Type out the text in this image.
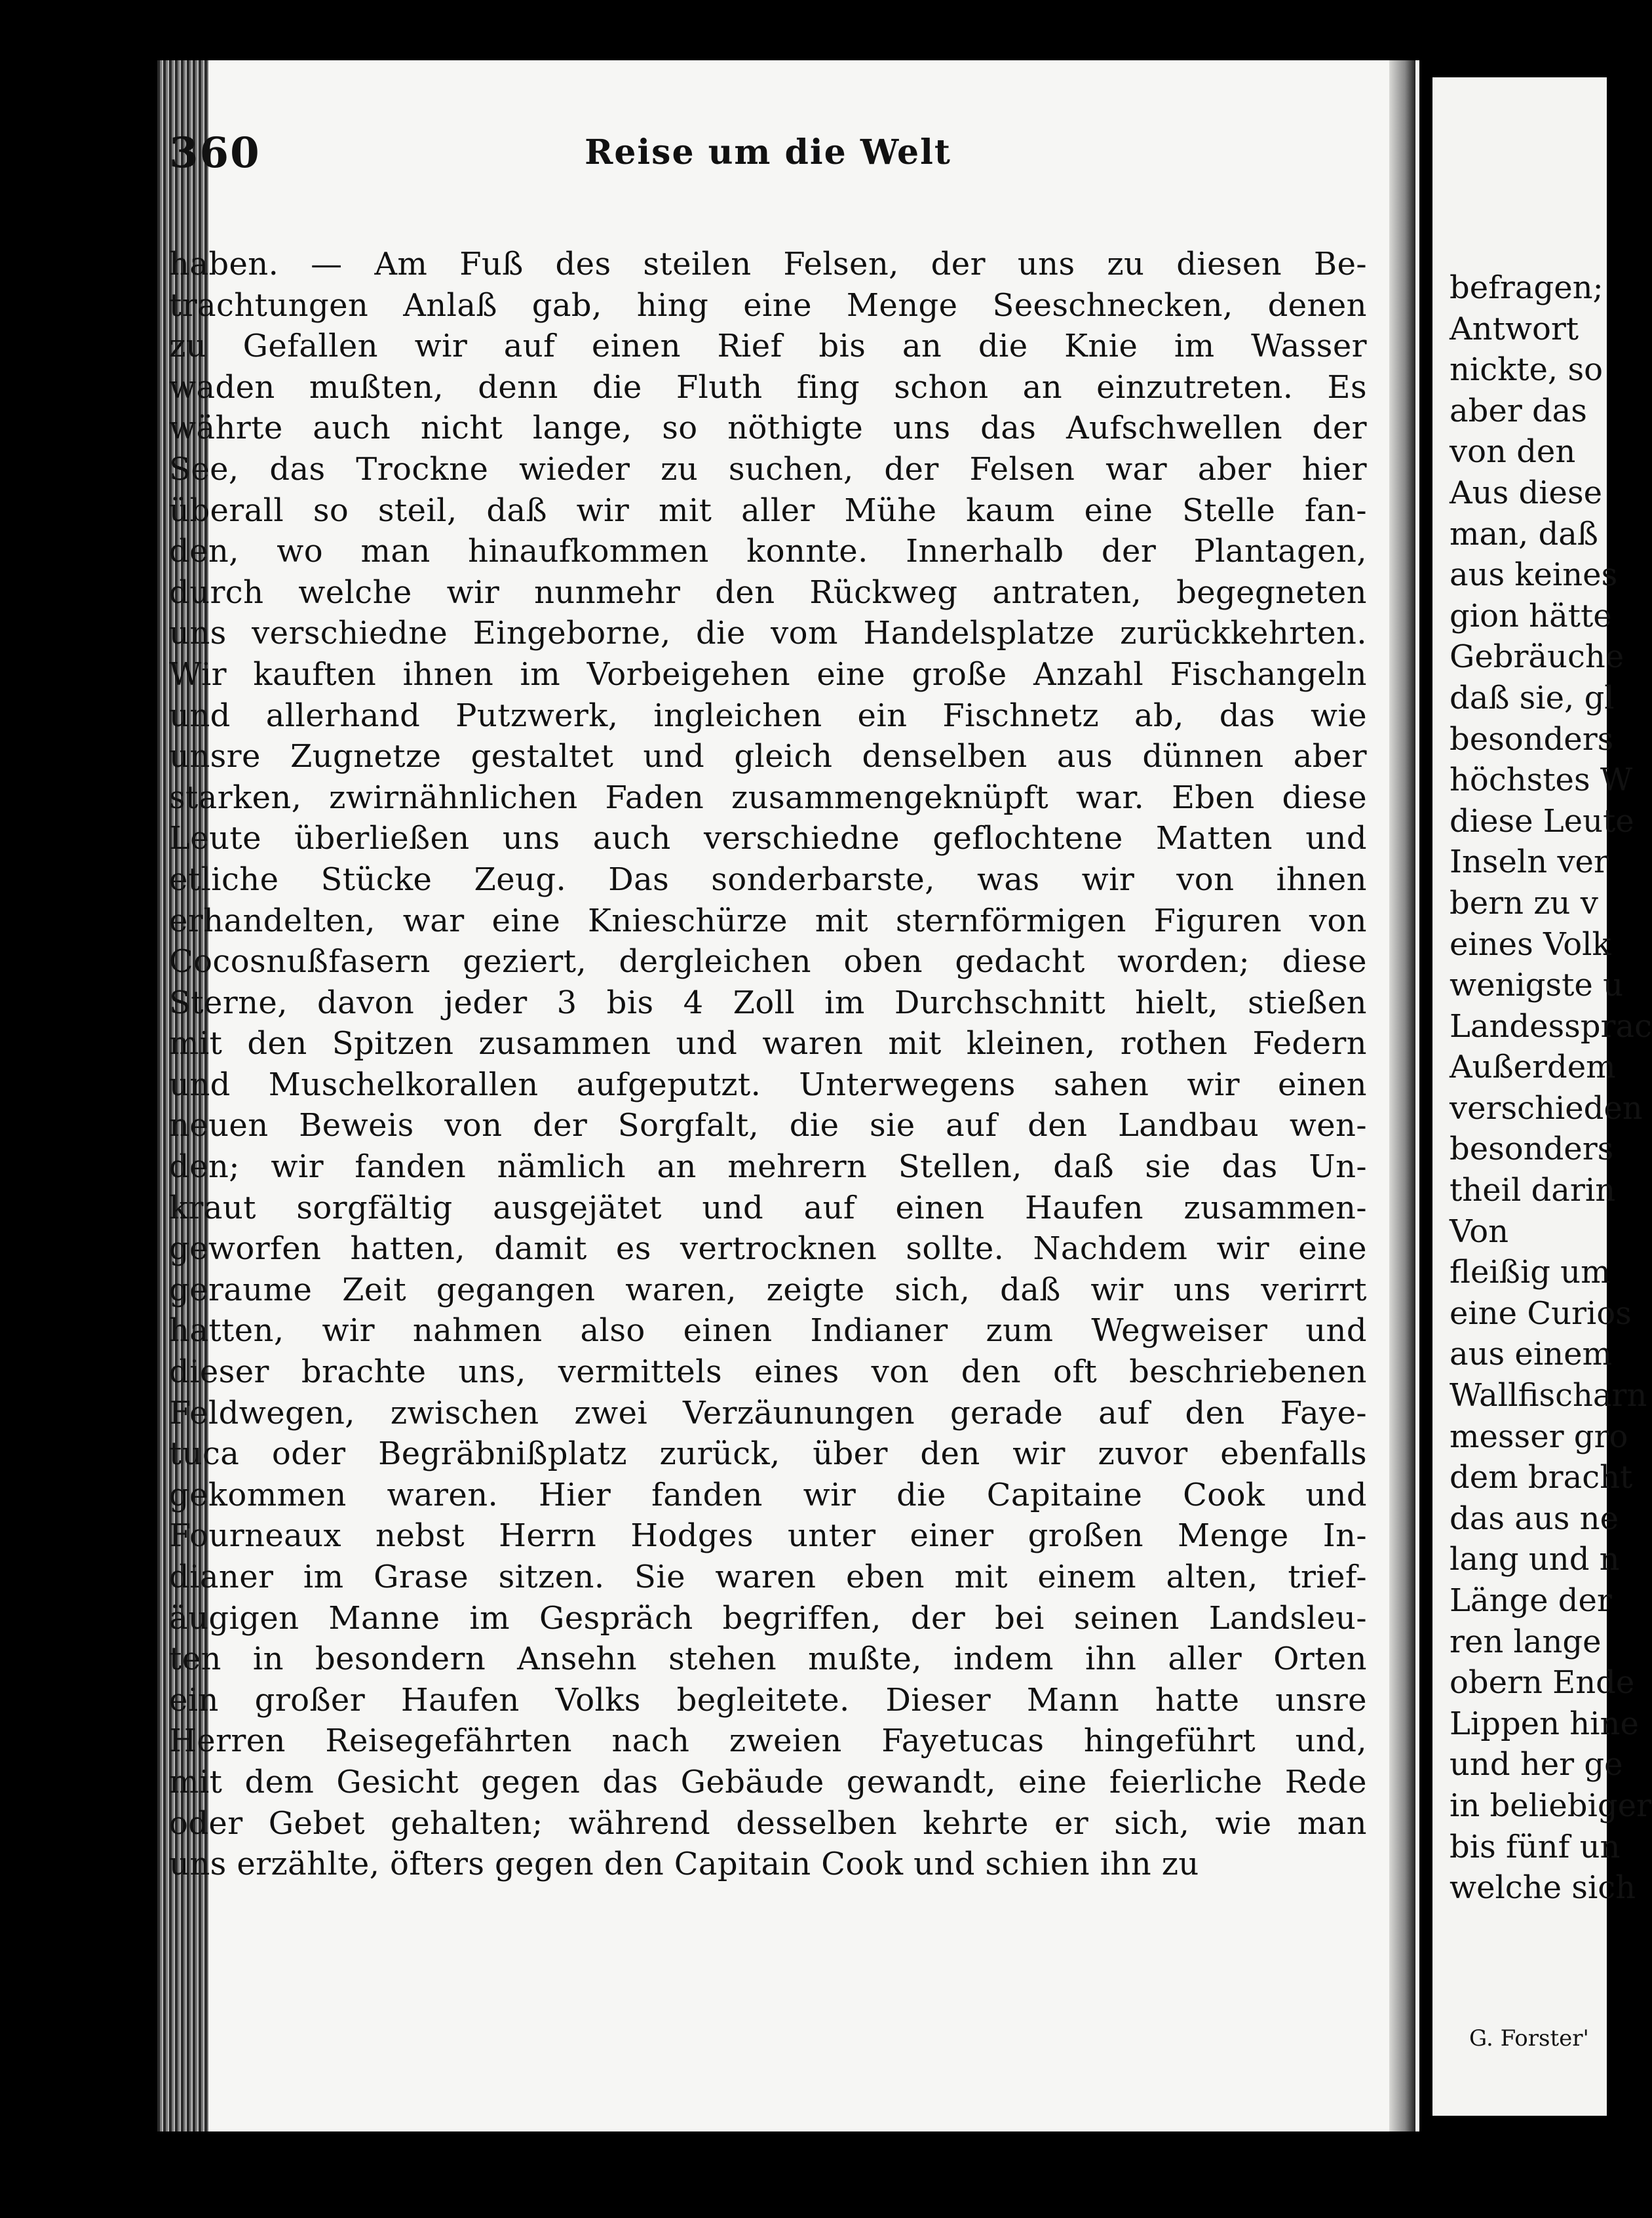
360	Reise um die Welt
haben. — Am Fuß des steilen Felsen, der uns zu diesen Be-
trachtungen Anlaß gab, hing eine Menge Seeschnecken, denen
zu Gefallen wir auf einen Rief bis an die Knie im Wasser
waden mußten, denn die Fluth fing schon an einzutreten. Es
währte auch nicht lange, so nöthigte uns das Aufschwellen der
See, das Trockne wieder zu suchen, der Felsen war aber hier
überall so steil, daß wir mit aller Mühe kaum eine Stelle fan-
den, wo man hinaufkommen konnte. Innerhalb der Plantagen,
durch welche wir nunmehr den Rückweg antraten, begegneten
uns verschiedne Eingeborne, die vom Handelsplatze zurückkehrten.
Wir kauften ihnen im Vorbeigehen eine große Anzahl Fischangeln
und allerhand Putzwerk, ingleichen ein Fischnetz ab, das wie
unsre Zugnetze gestaltet und gleich denselben aus dünnen aber
starken, zwirnähnlichen Faden zusammengeknüpft war. Eben diese
Leute überließen uns auch verschiedne geflochtene Matten und
etliche Stücke Zeug. Das sonderbarste, was wir von ihnen
erhandelten, war eine Knieschürze mit sternförmigen Figuren von
Cocosnußfasern geziert, dergleichen oben gedacht worden; diese
Sterne, davon jeder 3 bis 4 Zoll im Durchschnitt hielt, stießen
mit den Spitzen zusammen und waren mit kleinen, rothen Federn
und Muschelkorallen aufgeputzt. Unterwegens sahen wir einen
neuen Beweis von der Sorgfalt, die sie auf den Landbau wen-
den; wir fanden nämlich an mehrern Stellen, daß sie das Un-
kraut sorgfältig ausgejätet und auf einen Haufen zusammen-
geworfen hatten, damit es vertrocknen sollte. Nachdem wir eine
geraume Zeit gegangen waren, zeigte sich, daß wir uns verirrt
hatten, wir nahmen also einen Indianer zum Wegweiser und
dieser brachte uns, vermittels eines von den oft beschriebenen
Feldwegen, zwischen zwei Verzäunungen gerade auf den Faye-
tuca oder Begräbnißplatz zurück, über den wir zuvor ebenfalls
gekommen waren. Hier fanden wir die Capitaine Cook und
Fourneaux nebst Herrn Hodges unter einer großen Menge In-
dianer im Grase sitzen. Sie waren eben mit einem alten, trief-
äugigen Manne im Gespräch begriffen, der bei seinen Landsleu-
ten in besondern Ansehn stehen mußte, indem ihn aller Orten
ein großer Haufen Volks begleitete. Dieser Mann hatte unsre
Herren Reisegefährten nach zweien Fayetucas hingeführt und,
mit dem Gesicht gegen das Gebäude gewandt, eine feierliche Rede
oder Gebet gehalten; während desselben kehrte er sich, wie man
uns erzählte, öfters gegen den Capitain Cook und schien ihn zu
befragen;
Antwort
nickte, so
aber das
von den
Aus diese
man, daß
aus keines
gion hätte
Gebräuche
daß sie, gl
besonders
höchstes W
diese Leute
Inseln ver
bern zu v
eines Volk
wenigste u
Landessprac
Außerdem
verschieden
besonders
theil darin
Von
fleißig um
eine Curios
aus einem
Wallfischarn
messer gro
dem bracht
das aus ne
lang und n
Länge der
ren lange
obern Ende
Lippen hine
und her ge
in beliebiger
bis fünf un
welche sich
G. Forster'
